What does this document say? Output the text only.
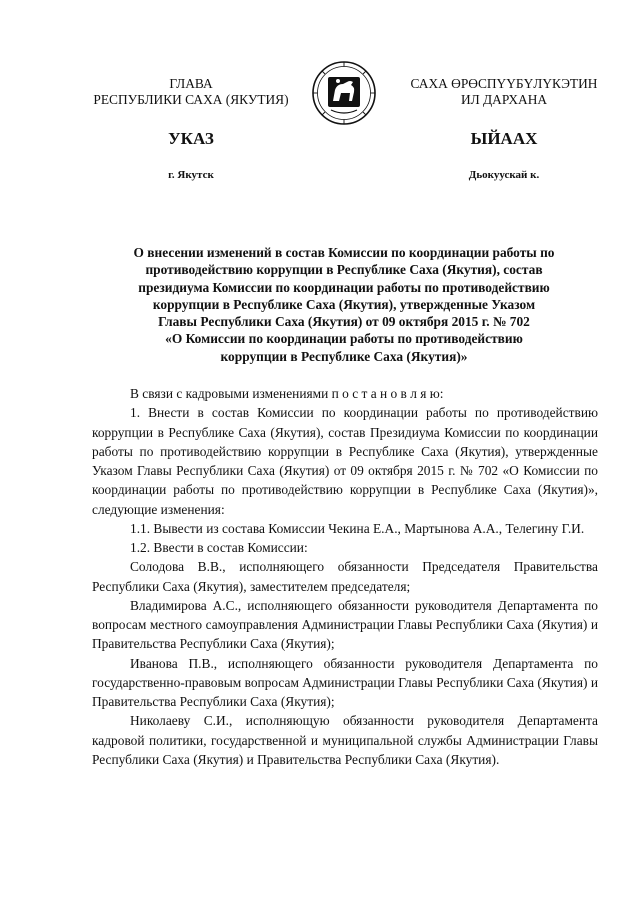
ГЛАВА
РЕСПУБЛИКИ САХА (ЯКУТИЯ)
САХА ӨРӨСПҮҮБҮЛҮКЭТИН
ИЛ ДАРХАНА
УКАЗ	ЫЙААХ
г. Якутск	Дьокуускай к.
О внесении изменений в состав Комиссии по координации работы по
противодействию коррупции в Республике Саха (Якутия), состав
президиума Комиссии по координации работы по противодействию
коррупции в Республике Саха (Якутия), утвержденные Указом
Главы Республики Саха (Якутия) от 09 октября 2015 г. № 702
«О Комиссии по координации работы по противодействию
коррупции в Республике Саха (Якутия)»

В связи с кадровыми изменениями п о с т а н о в л я ю:

1. Внести в состав Комиссии по координации работы по противодействию коррупции в Республике Саха (Якутия), состав Президиума Комиссии по координации работы по противодействию коррупции в Республике Саха (Якутия), утвержденные Указом Главы Республики Саха (Якутия) от 09 октября 2015 г. № 702 «О Комиссии по координации работы по противодействию коррупции в Республике Саха (Якутия)», следующие изменения:

1.1. Вывести из состава Комиссии Чекина Е.А., Мартынова А.А., Телегину Г.И.

1.2. Ввести в состав Комиссии:

Солодова В.В., исполняющего обязанности Председателя Правительства Республики Саха (Якутия), заместителем председателя;

Владимирова А.С., исполняющего обязанности руководителя Департамента по вопросам местного самоуправления Администрации Главы Республики Саха (Якутия) и Правительства Республики Саха (Якутия);

Иванова П.В., исполняющего обязанности руководителя Департамента по государственно-правовым вопросам Администрации Главы Республики Саха (Якутия) и Правительства Республики Саха (Якутия);

Николаеву С.И., исполняющую обязанности руководителя Департамента кадровой политики, государственной и муниципальной службы Администрации Главы Республики Саха (Якутия) и Правительства Республики Саха (Якутия).
